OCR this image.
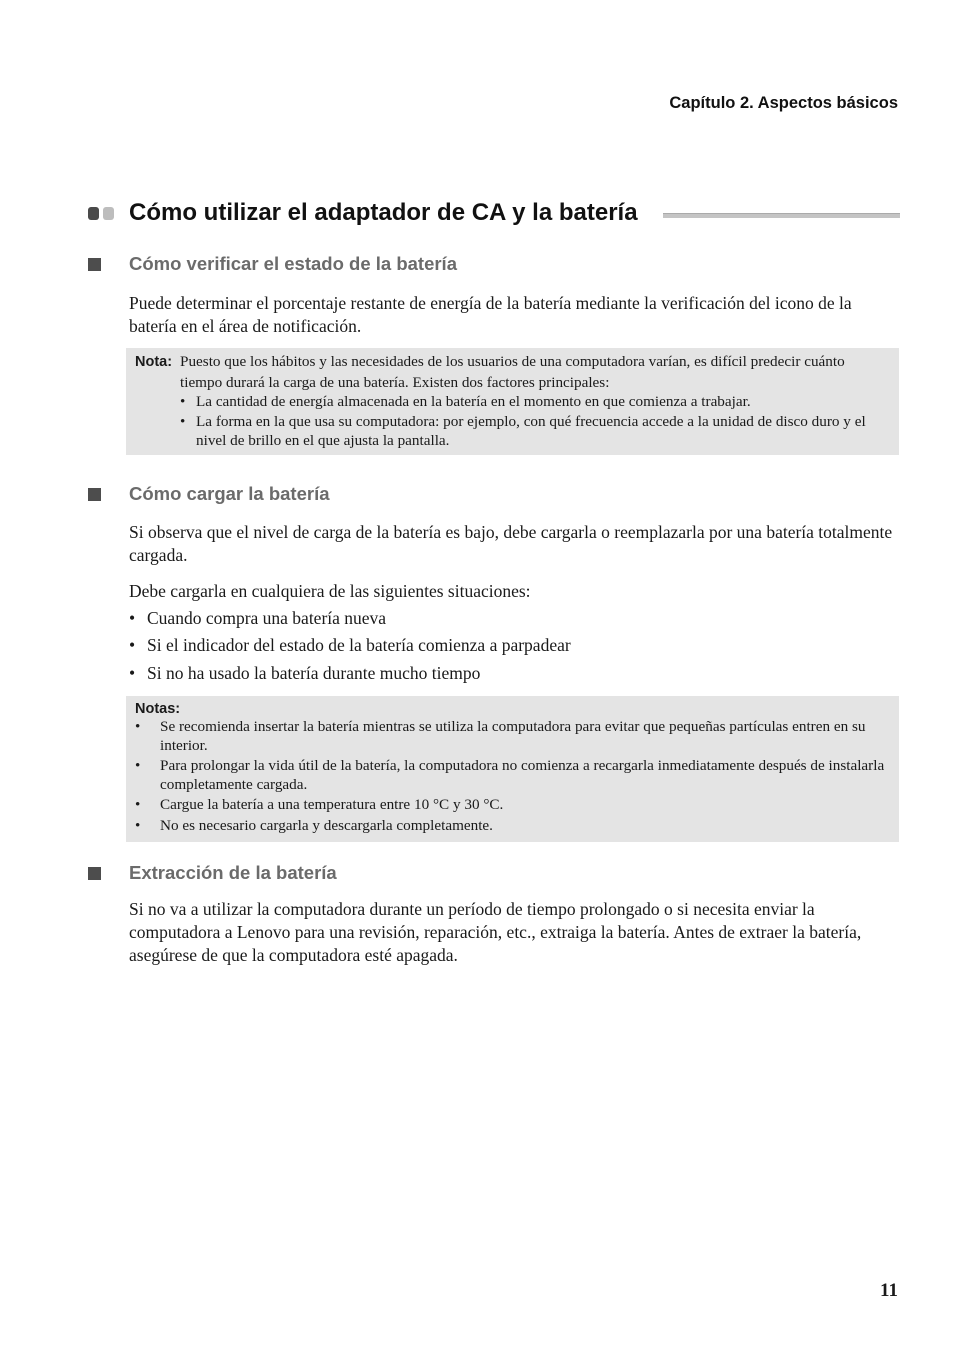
Capítulo 2. Aspectos básicos
Cómo utilizar el adaptador de CA y la batería
Cómo verificar el estado de la batería

Puede determinar el porcentaje restante de energía de la batería mediante la verificación del icono de la batería en el área de notificación.

Nota: Puesto que los hábitos y las necesidades de los usuarios de una computadora varían, es difícil predecir cuánto tiempo durará la carga de una batería. Existen dos factores principales:
• La cantidad de energía almacenada en la batería en el momento en que comienza a trabajar.
• La forma en la que usa su computadora: por ejemplo, con qué frecuencia accede a la unidad de disco duro y el nivel de brillo en el que ajusta la pantalla.
Cómo cargar la batería

Si observa que el nivel de carga de la batería es bajo, debe cargarla o reemplazarla por una batería totalmente cargada.

Debe cargarla en cualquiera de las siguientes situaciones:

• Cuando compra una batería nueva
• Si el indicador del estado de la batería comienza a parpadear
• Si no ha usado la batería durante mucho tiempo
Notas:
• Se recomienda insertar la batería mientras se utiliza la computadora para evitar que pequeñas partículas entren en su interior.
• Para prolongar la vida útil de la batería, la computadora no comienza a recargarla inmediatamente después de instalarla completamente cargada.
• Cargue la batería a una temperatura entre 10 °C y 30 °C.
• No es necesario cargarla y descargarla completamente.
Extracción de la batería

Si no va a utilizar la computadora durante un período de tiempo prolongado o si necesita enviar la computadora a Lenovo para una revisión, reparación, etc., extraiga la batería. Antes de extraer la batería, asegúrese de que la computadora esté apagada.

11
